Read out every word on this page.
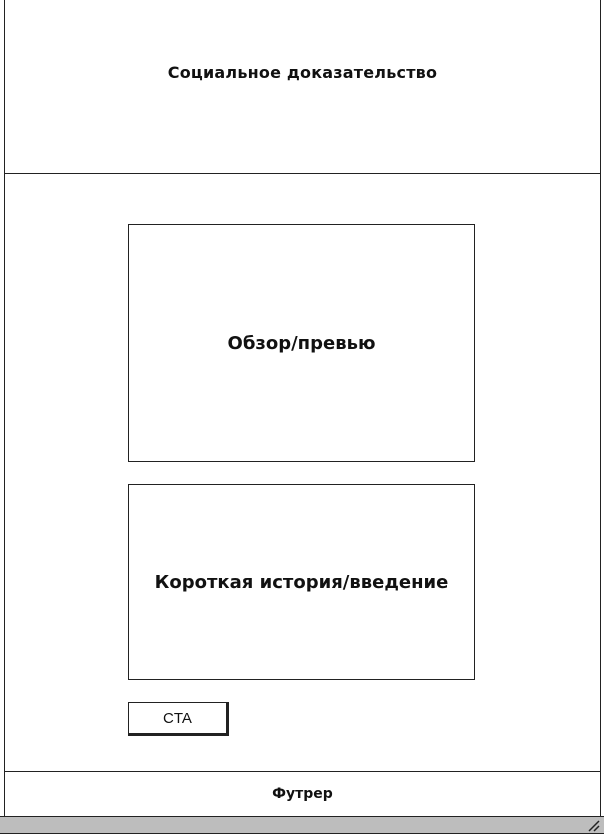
Социальное доказательство
Обзор/превью
Короткая история/введение
CTA
Футрер
